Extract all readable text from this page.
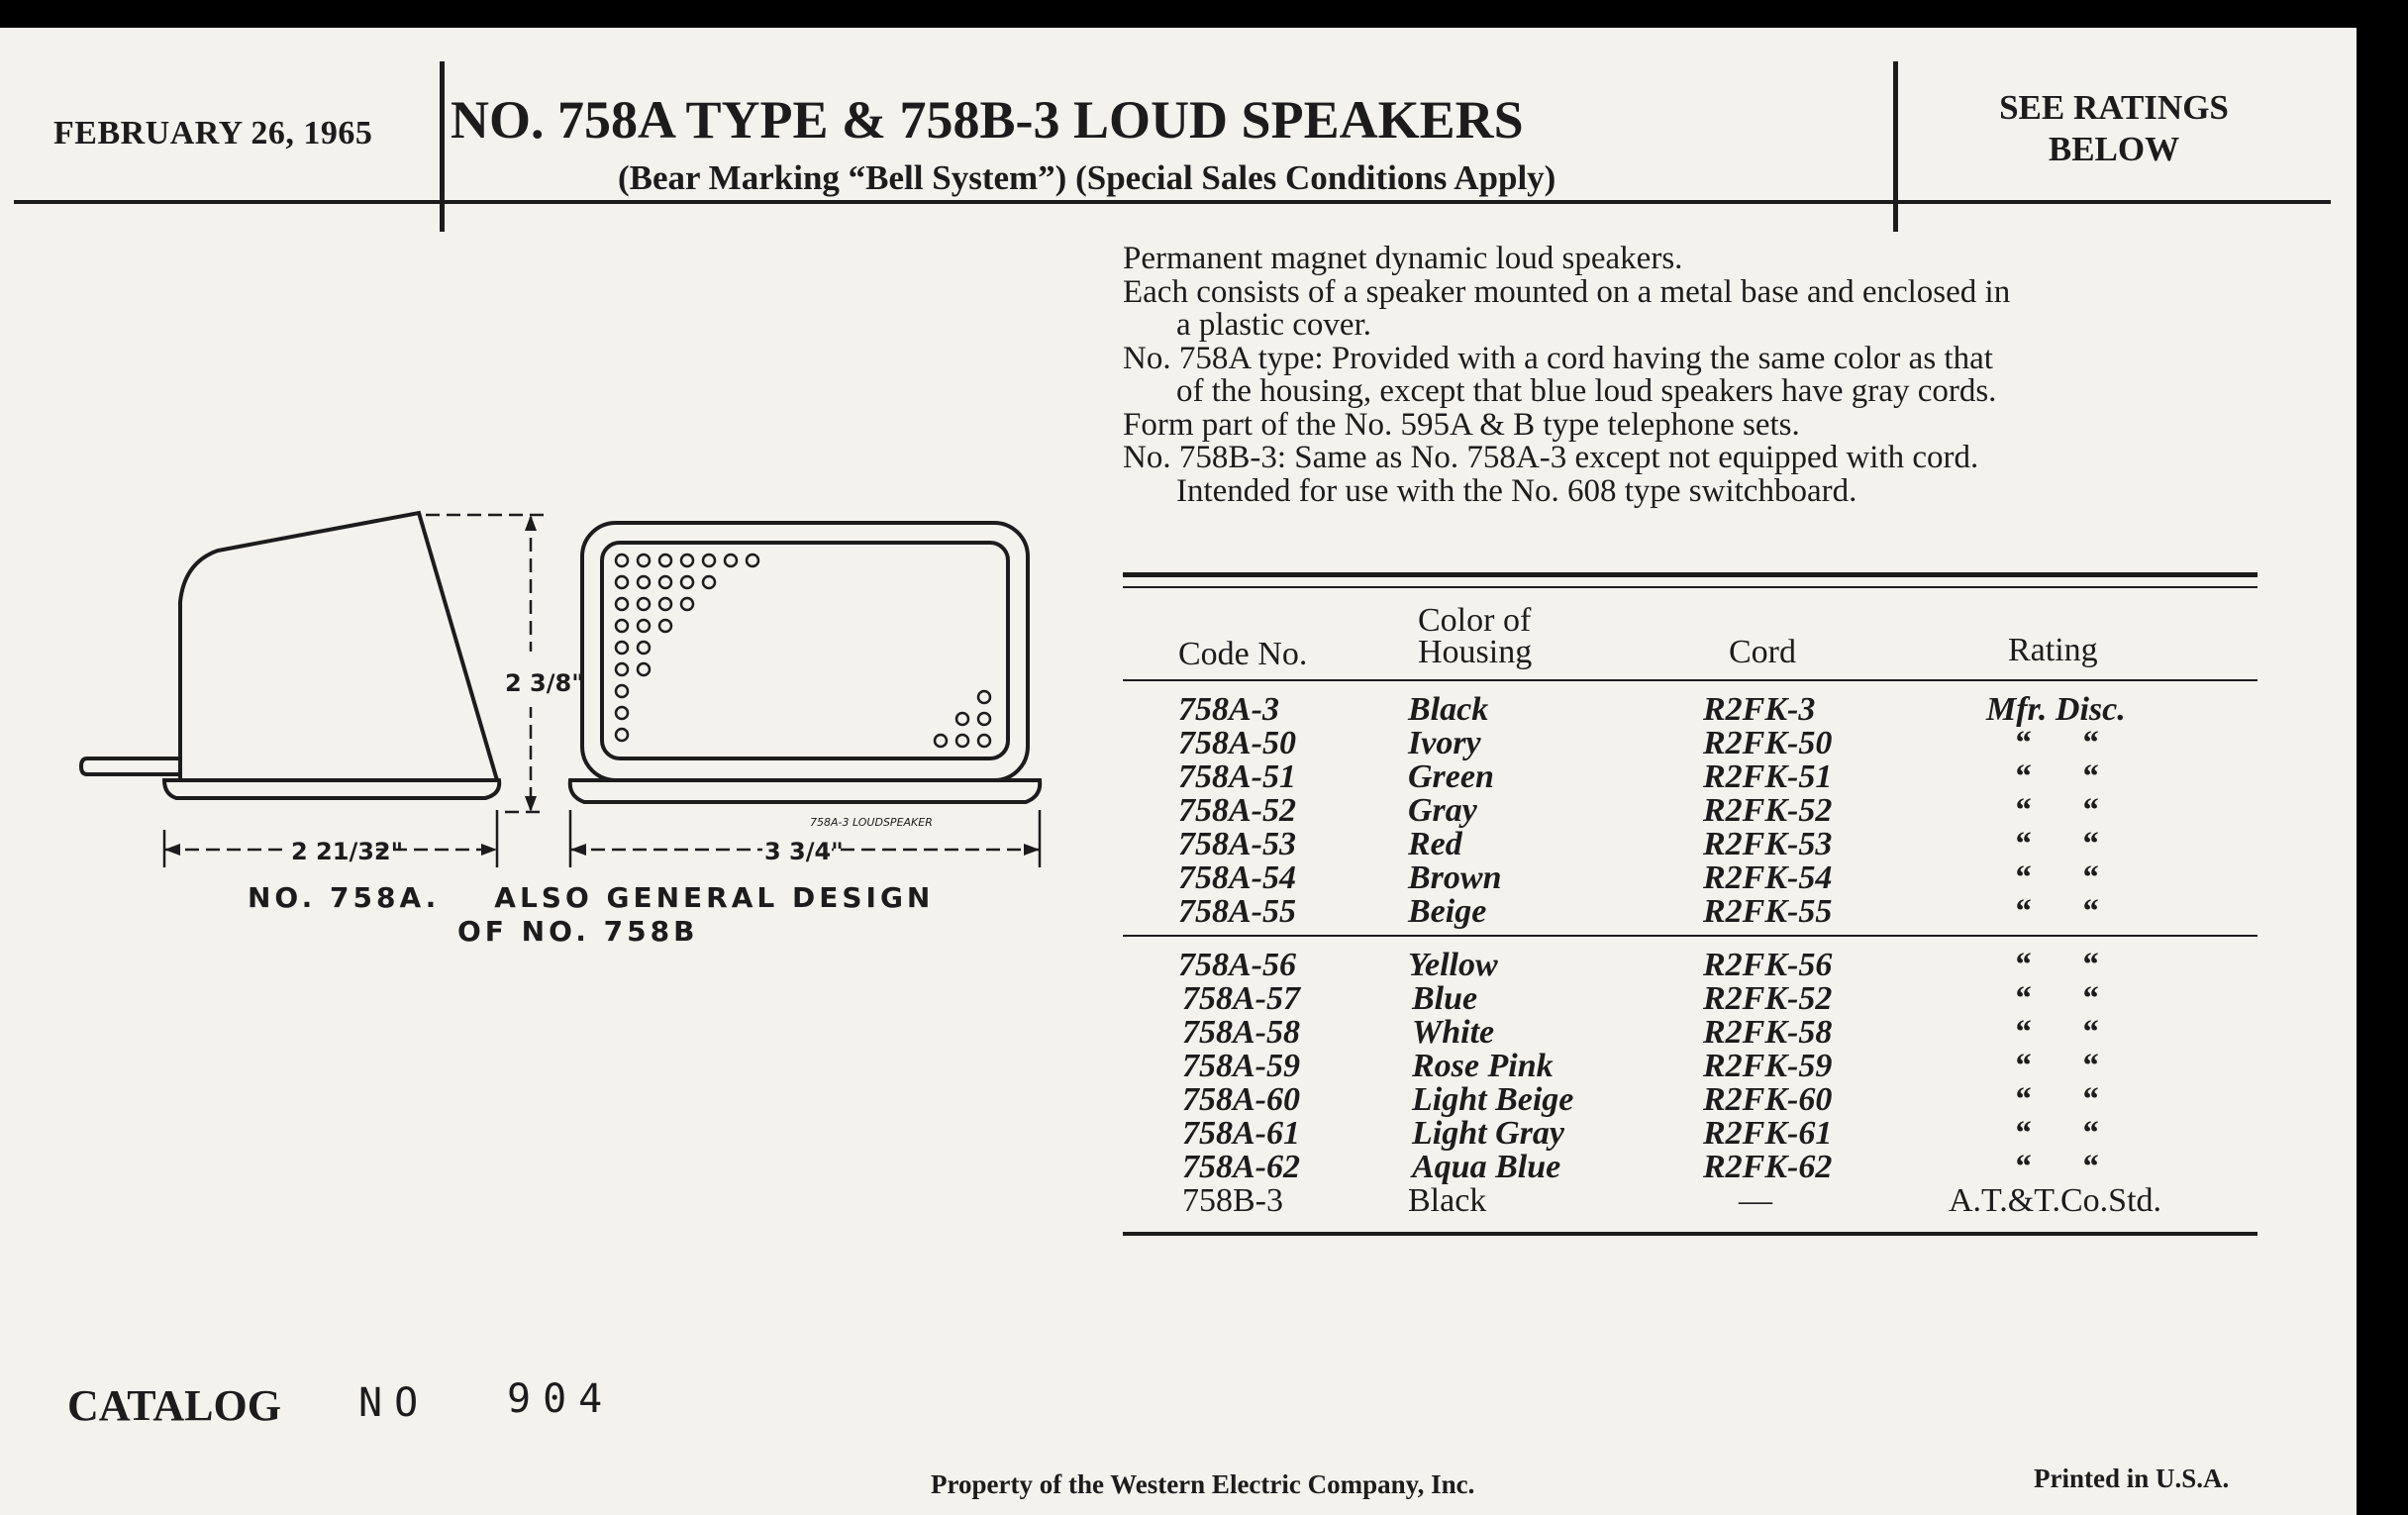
FEBRUARY 26, 1965 NO. 758A TYPE & 758B-3 LOUD SPEAKERS
(Bear Marking “Bell System”) (Special Sales Conditions Apply)
SEE RATINGS
BELOW
Permanent magnet dynamic loud speakers.
Each consists of a speaker mounted on a metal base and enclosed in
a plastic cover.
No. 758A type: Provided with a cord having the same color as that
of the housing, except that blue loud speakers have gray cords.
Form part of the No. 595A & B type telephone sets.
No. 758B-3: Same as No. 758A-3 except not equipped with cord.
Intended for use with the No. 608 type switchboard.
2 3/8"
2 21/32"	3 3/4"
758A-3 LOUDSPEAKER
NO. 758A.    ALSO GENERAL DESIGN
OF NO. 758B
Code No.
Color of
Housing	Cord	Rating
758A-3	Black	R2FK-3	Mfr. Disc.
758A-50	Ivory	R2FK-50	“      “
758A-51	Green	R2FK-51	“      “
758A-52	Gray	R2FK-52	“      “
758A-53	Red	R2FK-53	“      “
758A-54	Brown	R2FK-54	“      “
758A-55	Beige	R2FK-55	“      “
758A-56	Yellow	R2FK-56	“      “
758A-57	Blue	R2FK-52	“      “
758A-58	White	R2FK-58	“      “
758A-59	Rose Pink	R2FK-59	“      “
758A-60	Light Beige	R2FK-60	“      “
758A-61	Light Gray	R2FK-61	“      “
758A-62	Aqua Blue	R2FK-62	“      “
758B-3	Black	—	A.T.&T.Co.Std.
CATALOG NO 904
Property of the Western Electric Company, Inc.	Printed in U.S.A.
